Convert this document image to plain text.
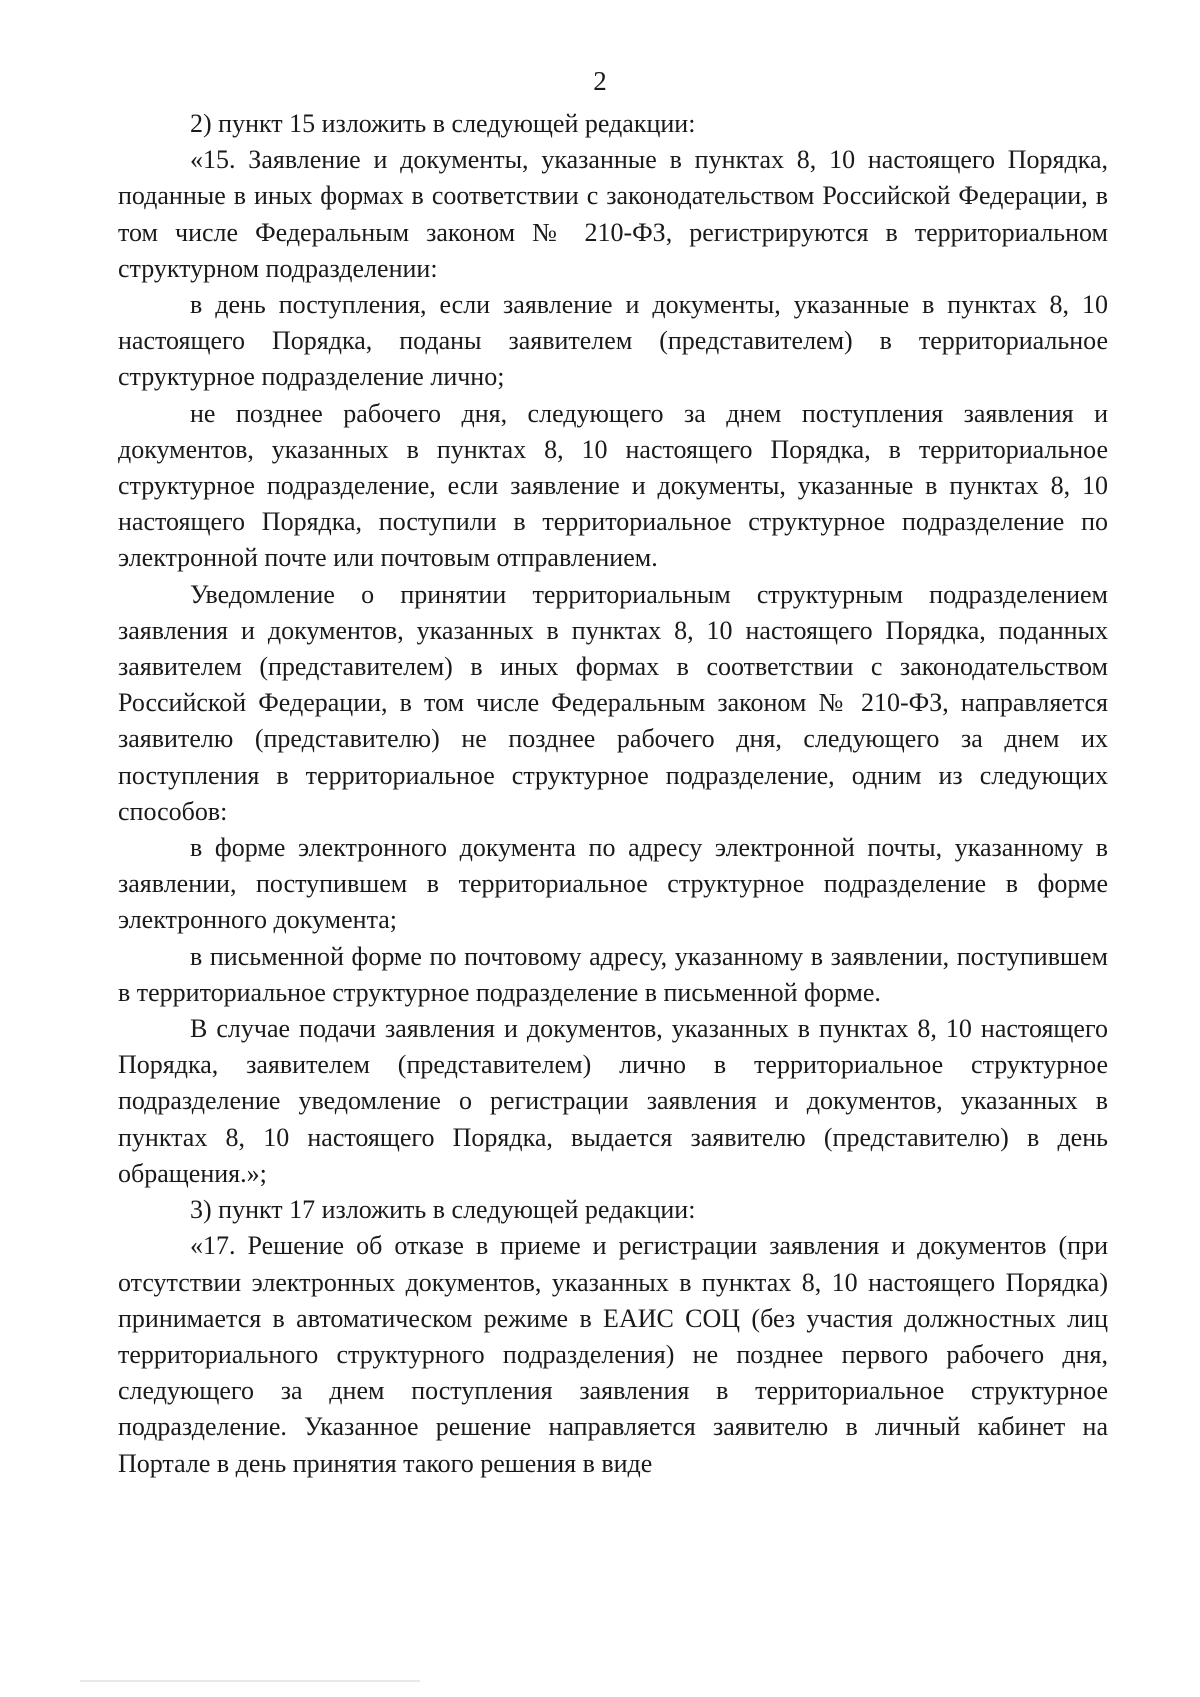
2

2) пункт 15 изложить в следующей редакции:

«15. Заявление и документы, указанные в пунктах 8, 10 настоящего Порядка, поданные в иных формах в соответствии с законодательством Российской Федерации, в том числе Федеральным законом № 210-ФЗ, регистрируются в территориальном структурном подразделении:

в день поступления, если заявление и документы, указанные в пунктах 8, 10 настоящего Порядка, поданы заявителем (представителем) в территориальное структурное подразделение лично;

не позднее рабочего дня, следующего за днем поступления заявления и документов, указанных в пунктах 8, 10 настоящего Порядка, в территориальное структурное подразделение, если заявление и документы, указанные в пунктах 8, 10 настоящего Порядка, поступили в территориальное структурное подразделение по электронной почте или почтовым отправлением.

Уведомление о принятии территориальным структурным подразделением заявления и документов, указанных в пунктах 8, 10 настоящего Порядка, поданных заявителем (представителем) в иных формах в соответствии с законодательством Российской Федерации, в том числе Федеральным законом № 210-ФЗ, направляется заявителю (представителю) не позднее рабочего дня, следующего за днем их поступления в территориальное структурное подразделение, одним из следующих способов:

в форме электронного документа по адресу электронной почты, указанному в заявлении, поступившем в территориальное структурное подразделение в форме электронного документа;

в письменной форме по почтовому адресу, указанному в заявлении, поступившем в территориальное структурное подразделение в письменной форме.

В случае подачи заявления и документов, указанных в пунктах 8, 10 настоящего Порядка, заявителем (представителем) лично в территориальное структурное подразделение уведомление о регистрации заявления и документов, указанных в пунктах 8, 10 настоящего Порядка, выдается заявителю (представителю) в день обращения.»;

3) пункт 17 изложить в следующей редакции:

«17. Решение об отказе в приеме и регистрации заявления и документов (при отсутствии электронных документов, указанных в пунктах 8, 10 настоящего Порядка) принимается в автоматическом режиме в ЕАИС СОЦ (без участия должностных лиц территориального структурного подразделения) не позднее первого рабочего дня, следующего за днем поступления заявления в территориальное структурное подразделение. Указанное решение направляется заявителю в личный кабинет на Портале в день принятия такого решения в виде
